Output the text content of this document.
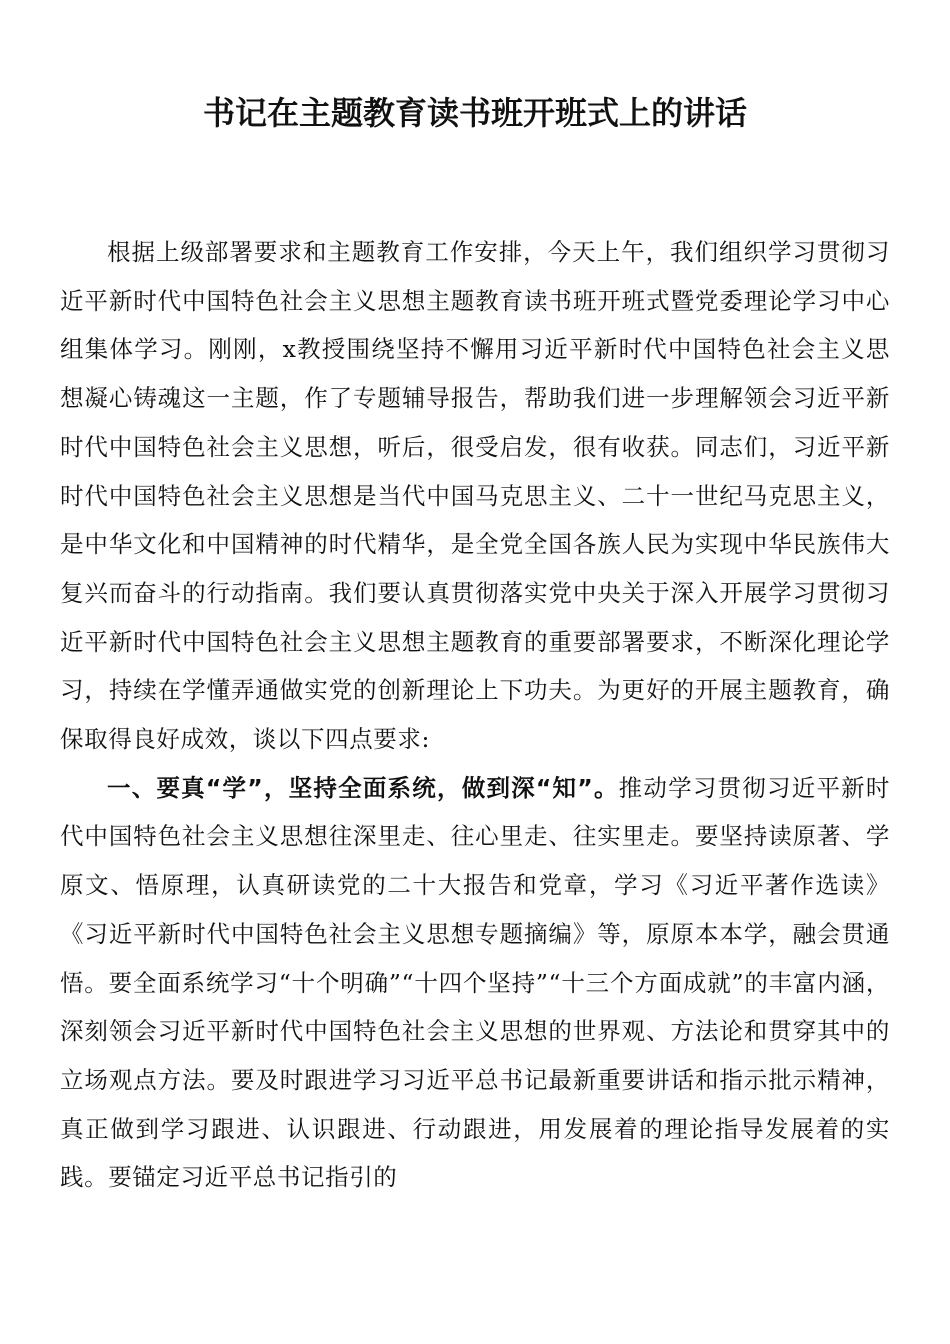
书记在主题教育读书班开班式上的讲话

根据上级部署要求和主题教育工作安排，今天上午，我们组织学习贯彻习近平新时代中国特色社会主义思想主题教育读书班开班式暨党委理论学习中心组集体学习。刚刚，x教授围绕坚持不懈用习近平新时代中国特色社会主义思想凝心铸魂这一主题，作了专题辅导报告，帮助我们进一步理解领会习近平新时代中国特色社会主义思想，听后，很受启发，很有收获。同志们，习近平新时代中国特色社会主义思想是当代中国马克思主义、二十一世纪马克思主义，是中华文化和中国精神的时代精华，是全党全国各族人民为实现中华民族伟大复兴而奋斗的行动指南。我们要认真贯彻落实党中央关于深入开展学习贯彻习近平新时代中国特色社会主义思想主题教育的重要部署要求，不断深化理论学习，持续在学懂弄通做实党的创新理论上下功夫。为更好的开展主题教育，确保取得良好成效，谈以下四点要求:

一、要真“学”，坚持全面系统，做到深“知”。推动学习贯彻习近平新时代中国特色社会主义思想往深里走、往心里走、往实里走。要坚持读原著、学原文、悟原理，认真研读党的二十大报告和党章，学习《习近平著作选读》《习近平新时代中国特色社会主义思想专题摘编》等，原原本本学，融会贯通悟。要全面系统学习“十个明确”“十四个坚持”“十三个方面成就”的丰富内涵，深刻领会习近平新时代中国特色社会主义思想的世界观、方法论和贯穿其中的立场观点方法。要及时跟进学习习近平总书记最新重要讲话和指示批示精神，真正做到学习跟进、认识跟进、行动跟进，用发展着的理论指导发展着的实践。要锚定习近平总书记指引的
